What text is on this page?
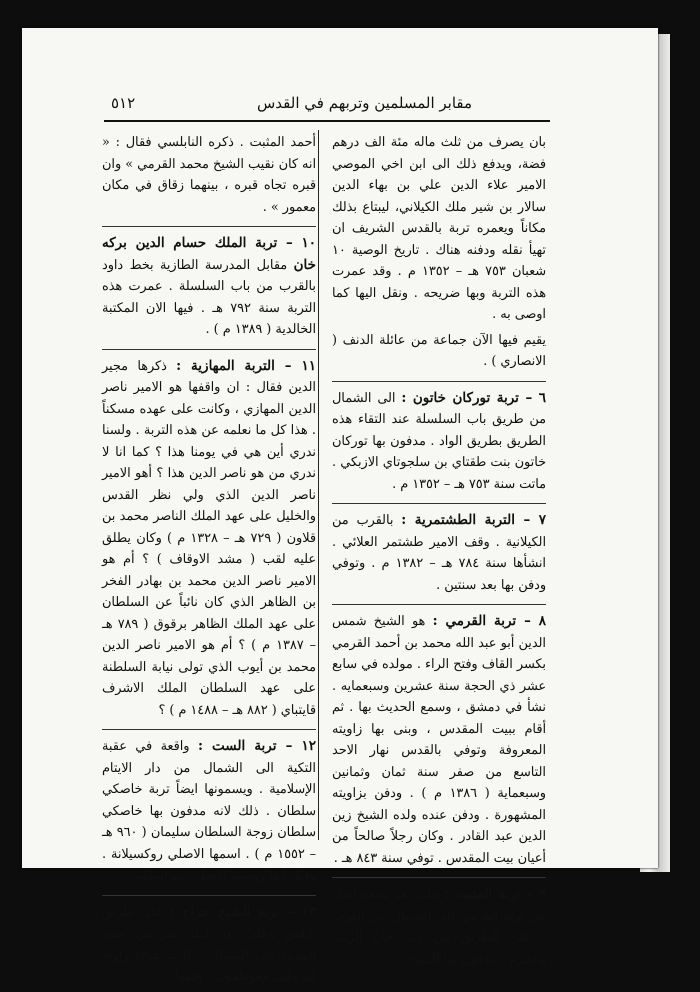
٥١٢	مقابر المسلمين وتربهم في القدس

بان يصرف من ثلث ماله مئة الف درهم فضة، ويدفع ذلك الى ابن اخي الموصي الامير علاء الدين علي بن بهاء الدين سالار بن شير ملك الكيلاني، ليبتاع بذلك مكاناً ويعمره تربة بالقدس الشريف ان تهيأ نقله ودفنه هناك . تاريخ الوصية ١٠ شعبان ٧٥٣ هـ – ١٣٥٢ م . وقد عمرت هذه التربة وبها ضريحه . ونقل اليها كما اوصى به .

يقيم فيها الآن جماعة من عائلة الدنف ( الانصاري ) .

٦ – تربة توركان خاتون : الى الشمال من طريق باب السلسلة عند التقاء هذه الطريق بطريق الواد . مدفون بها توركان خاتون بنت طقتاي بن سلجوتاي الازبكي . ماتت سنة ٧٥٣ هـ – ١٣٥٢ م .

٧ – التربة الطشتمرية : بالقرب من الكيلانية . وقف الامير طشتمر العلائي . انشأها سنة ٧٨٤ هـ – ١٣٨٢ م . وتوفي ودفن بها بعد سنتين .

٨ – تربة القرمي : هو الشيخ شمس الدين أبو عبد الله محمد بن أحمد القرمي بكسر القاف وفتح الراء . مولده في سابع عشر ذي الحجة سنة عشرين وسبعمايه . نشأ في دمشق ، وسمع الحديث بها . ثم أقام ببيت المقدس ، وبنى بها زاويته المعروفة وتوفي بالقدس نهار الاحد التاسع من صفر سنة ثمان وثمانين وسبعماية ( ١٣٨٦ م ) . ودفن بزاويته المشهورة . ودفن عنده ولده الشيخ زين الدين عبد القادر . وكان رجلاً صالحاً من أعيان بيت المقدس . توفي سنة ٨٤٣ هـ .

٩ – تربة المثبت : على بعد بضعة امتار من تربة القرمي الى الشمال من الغرب . على الطريق بين باب خان الزيت والحرم . مدفون بها الشيخ

أحمد المثبت . ذكره النابلسي فقال : « انه كان نقيب الشيخ محمد القرمي » وان قبره تجاه قبره ، بينهما زقاق في مكان معمور » .

١٠ – تربة الملك حسام الدين بركه خان مقابل المدرسة الطازية بخط داود بالقرب من باب السلسلة . عمرت هذه التربة سنة ٧٩٢ هـ . فيها الان المكتبة الخالدية ( ١٣٨٩ م ) .

١١ – التربة المهازية : ذكرها مجير الدين فقال : ان واقفها هو الامير ناصر الدين المهازي ، وكانت على عهده مسكناً . هذا كل ما نعلمه عن هذه التربة . ولسنا ندري أين هي في يومنا هذا ؟ كما انا لا ندري من هو ناصر الدين هذا ؟ أهو الامير ناصر الدين الذي ولي نظر القدس والخليل على عهد الملك الناصر محمد بن قلاون ( ٧٢٩ هـ – ١٣٢٨ م ) وكان يطلق عليه لقب ( مشد الاوقاف ) ؟ أم هو الامير ناصر الدين محمد بن بهادر الفخر بن الظاهر الذي كان نائباً عن السلطان على عهد الملك الظاهر برقوق ( ٧٨٩ هـ – ١٣٨٧ م ) ؟ أم هو الامير ناصر الدين محمد بن أيوب الذي تولى نيابة السلطنة على عهد السلطان الملك الاشرف قايتباي ( ٨٨٢ هـ – ١٤٨٨ م ) ؟

١٢ – تربة الست : واقعة في عقبة التكية الى الشمال من دار الايتام الإسلامية . ويسمونها ايضاً تربة خاصكي سلطان . ذلك لانه مدفون بها خاصكي سلطان زوجة السلطان سليمان ( ٩٦٠ هـ – ١٥٥٢ م ) . اسمها الاصلي روكسيلانة . وقيل انها روسية الاصل . ثم اسلمت .

١٣ – تربة الشيخ جراح : على طريق نابلس وعلى بعد كيلو متر من سور المدينة الى الشمال . كانت هناك زاوية لها وقف وموظفون . وقفها
